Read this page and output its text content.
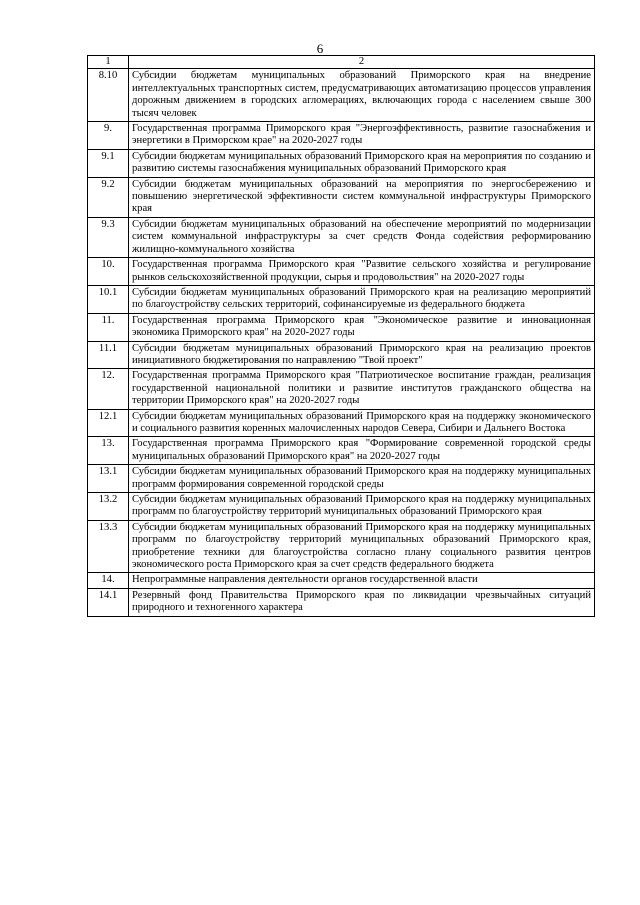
6
1	2
8.10	Субсидии бюджетам муниципальных образований Приморского края на внедрение интеллектуальных транспортных систем, предусматривающих автоматизацию процессов управления дорожным движением в городских агломерациях, включающих города с населением свыше 300 тысяч человек
9.	Государственная программа Приморского края "Энергоэффективность, развитие газоснабжения и энергетики в Приморском крае" на 2020-2027 годы
9.1	Субсидии бюджетам муниципальных образований Приморского края на мероприятия по созданию и развитию системы газоснабжения муниципальных образований Приморского края
9.2	Субсидии бюджетам муниципальных образований на мероприятия по энергосбережению и повышению энергетической эффективности систем коммунальной инфраструктуры Приморского края
9.3	Субсидии бюджетам муниципальных образований на обеспечение мероприятий по модернизации систем коммунальной инфраструктуры за счет средств Фонда содействия реформированию жилищно-коммунального хозяйства
10.	Государственная программа Приморского края "Развитие сельского хозяйства и регулирование рынков сельскохозяйственной продукции, сырья и продовольствия" на 2020-2027 годы
10.1	Субсидии бюджетам муниципальных образований Приморского края на реализацию мероприятий по благоустройству сельских территорий, софинансируемые из федерального бюджета
11.	Государственная программа Приморского края "Экономическое развитие и инновационная экономика Приморского края" на 2020-2027 годы
11.1	Субсидии бюджетам муниципальных образований Приморского края на реализацию проектов инициативного бюджетирования по направлению "Твой проект"
12.	Государственная программа Приморского края "Патриотическое воспитание граждан, реализация государственной национальной политики и развитие институтов гражданского общества на территории Приморского края" на 2020-2027 годы
12.1	Субсидии бюджетам муниципальных образований Приморского края на поддержку экономического и социального развития коренных малочисленных народов Севера, Сибири и Дальнего Востока
13.	Государственная программа Приморского края "Формирование современной городской среды муниципальных образований Приморского края" на 2020-2027 годы
13.1	Субсидии бюджетам муниципальных образований Приморского края на поддержку муниципальных программ формирования современной городской среды
13.2	Субсидии бюджетам муниципальных образований Приморского края на поддержку муниципальных программ по благоустройству территорий муниципальных образований Приморского края
13.3	Субсидии бюджетам муниципальных образований Приморского края на поддержку муниципальных программ по благоустройству территорий муниципальных образований Приморского края, приобретение техники для благоустройства согласно плану социального развития центров экономического роста Приморского края за счет средств федерального бюджета
14.	Непрограммные направления деятельности органов государственной власти
14.1	Резервный фонд Правительства Приморского края по ликвидации чрезвычайных ситуаций природного и техногенного характера
